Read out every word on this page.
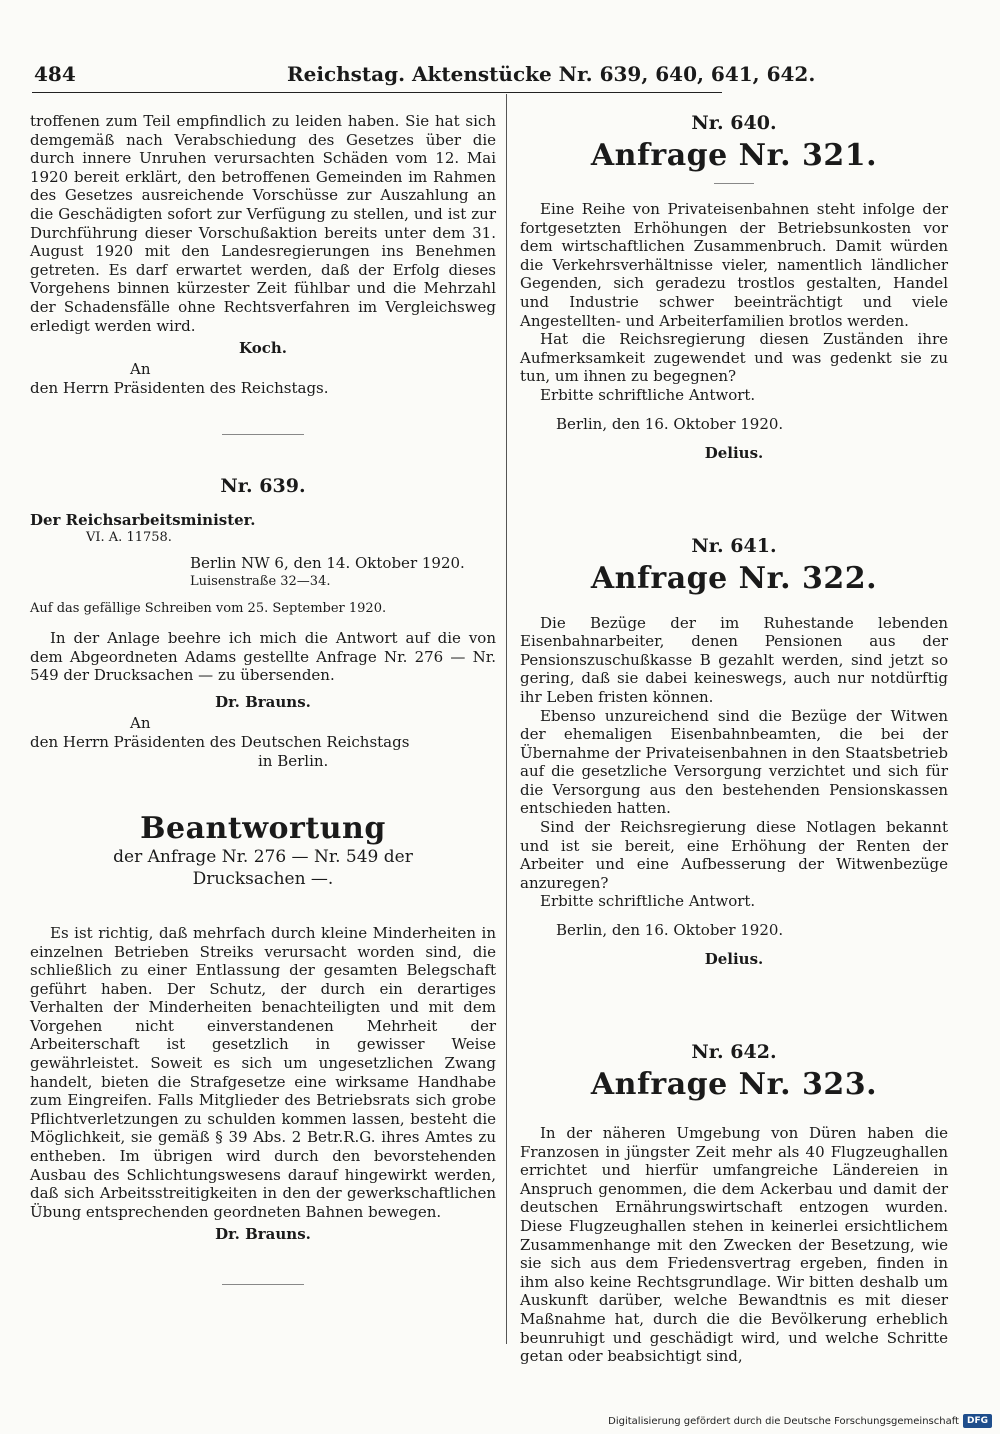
484	Reichstag. Aktenstücke Nr. 639, 640, 641, 642.

troffenen zum Teil empfindlich zu leiden haben. Sie hat sich demgemäß nach Verabschiedung des Gesetzes über die durch innere Unruhen verursachten Schäden vom 12. Mai 1920 bereit erklärt, den betroffenen Gemeinden im Rahmen des Gesetzes ausreichende Vorschüsse zur Auszahlung an die Geschädigten sofort zur Verfügung zu stellen, und ist zur Durchführung dieser Vorschußaktion bereits unter dem 31. August 1920 mit den Landesregierungen ins Benehmen getreten. Es darf erwartet werden, daß der Erfolg dieses Vorgehens binnen kürzester Zeit fühlbar und die Mehrzahl der Schadensfälle ohne Rechtsverfahren im Vergleichsweg erledigt werden wird.

Koch.
An
den Herrn Präsidenten des Reichstags.
Nr. 639.
Der Reichsarbeitsminister.
VI. A. 11758.
Berlin NW 6, den 14. Oktober 1920.
Luisenstraße 32—34.
Auf das gefällige Schreiben vom 25. September 1920.

In der Anlage beehre ich mich die Antwort auf die von dem Abgeordneten Adams gestellte Anfrage Nr. 276 — Nr. 549 der Drucksachen — zu übersenden.

Dr. Brauns.
An
den Herrn Präsidenten des Deutschen Reichstags
in Berlin.
Beantwortung
der Anfrage Nr. 276 — Nr. 549 der Drucksachen —.

Es ist richtig, daß mehrfach durch kleine Minderheiten in einzelnen Betrieben Streiks verursacht worden sind, die schließlich zu einer Entlassung der gesamten Belegschaft geführt haben. Der Schutz, der durch ein derartiges Verhalten der Minderheiten benachteiligten und mit dem Vorgehen nicht einverstandenen Mehrheit der Arbeiterschaft ist gesetzlich in gewisser Weise gewährleistet. Soweit es sich um ungesetzlichen Zwang handelt, bieten die Strafgesetze eine wirksame Handhabe zum Eingreifen. Falls Mitglieder des Betriebsrats sich grobe Pflichtverletzungen zu schulden kommen lassen, besteht die Möglichkeit, sie gemäß § 39 Abs. 2 Betr.R.G. ihres Amtes zu entheben. Im übrigen wird durch den bevorstehenden Ausbau des Schlichtungswesens darauf hingewirkt werden, daß sich Arbeitsstreitigkeiten in den der gewerkschaftlichen Übung entsprechenden geordneten Bahnen bewegen.

Dr. Brauns.
Nr. 640.
Anfrage Nr. 321.

Eine Reihe von Privateisenbahnen steht infolge der fortgesetzten Erhöhungen der Betriebsunkosten vor dem wirtschaftlichen Zusammenbruch. Damit würden die Verkehrsverhältnisse vieler, namentlich ländlicher Gegenden, sich geradezu trostlos gestalten, Handel und Industrie schwer beeinträchtigt und viele Angestellten- und Arbeiterfamilien brotlos werden.

Hat die Reichsregierung diesen Zuständen ihre Aufmerksamkeit zugewendet und was gedenkt sie zu tun, um ihnen zu begegnen?

Erbitte schriftliche Antwort.

Berlin, den 16. Oktober 1920.
Delius.
Nr. 641.
Anfrage Nr. 322.

Die Bezüge der im Ruhestande lebenden Eisenbahnarbeiter, denen Pensionen aus der Pensionszuschußkasse B gezahlt werden, sind jetzt so gering, daß sie dabei keineswegs, auch nur notdürftig ihr Leben fristen können.

Ebenso unzureichend sind die Bezüge der Witwen der ehemaligen Eisenbahnbeamten, die bei der Übernahme der Privateisenbahnen in den Staatsbetrieb auf die gesetzliche Versorgung verzichtet und sich für die Versorgung aus den bestehenden Pensionskassen entschieden hatten.

Sind der Reichsregierung diese Notlagen bekannt und ist sie bereit, eine Erhöhung der Renten der Arbeiter und eine Aufbesserung der Witwenbezüge anzuregen?

Erbitte schriftliche Antwort.

Berlin, den 16. Oktober 1920.
Delius.
Nr. 642.
Anfrage Nr. 323.

In der näheren Umgebung von Düren haben die Franzosen in jüngster Zeit mehr als 40 Flugzeughallen errichtet und hierfür umfangreiche Ländereien in Anspruch genommen, die dem Ackerbau und damit der deutschen Ernährungswirtschaft entzogen wurden. Diese Flugzeughallen stehen in keinerlei ersichtlichem Zusammenhange mit den Zwecken der Besetzung, wie sie sich aus dem Friedensvertrag ergeben, finden in ihm also keine Rechtsgrundlage. Wir bitten deshalb um Auskunft darüber, welche Bewandtnis es mit dieser Maßnahme hat, durch die die Bevölkerung erheblich beunruhigt und geschädigt wird, und welche Schritte getan oder beabsichtigt sind,

Digitalisierung gefördert durch die Deutsche Forschungsgemeinschaft DFG
